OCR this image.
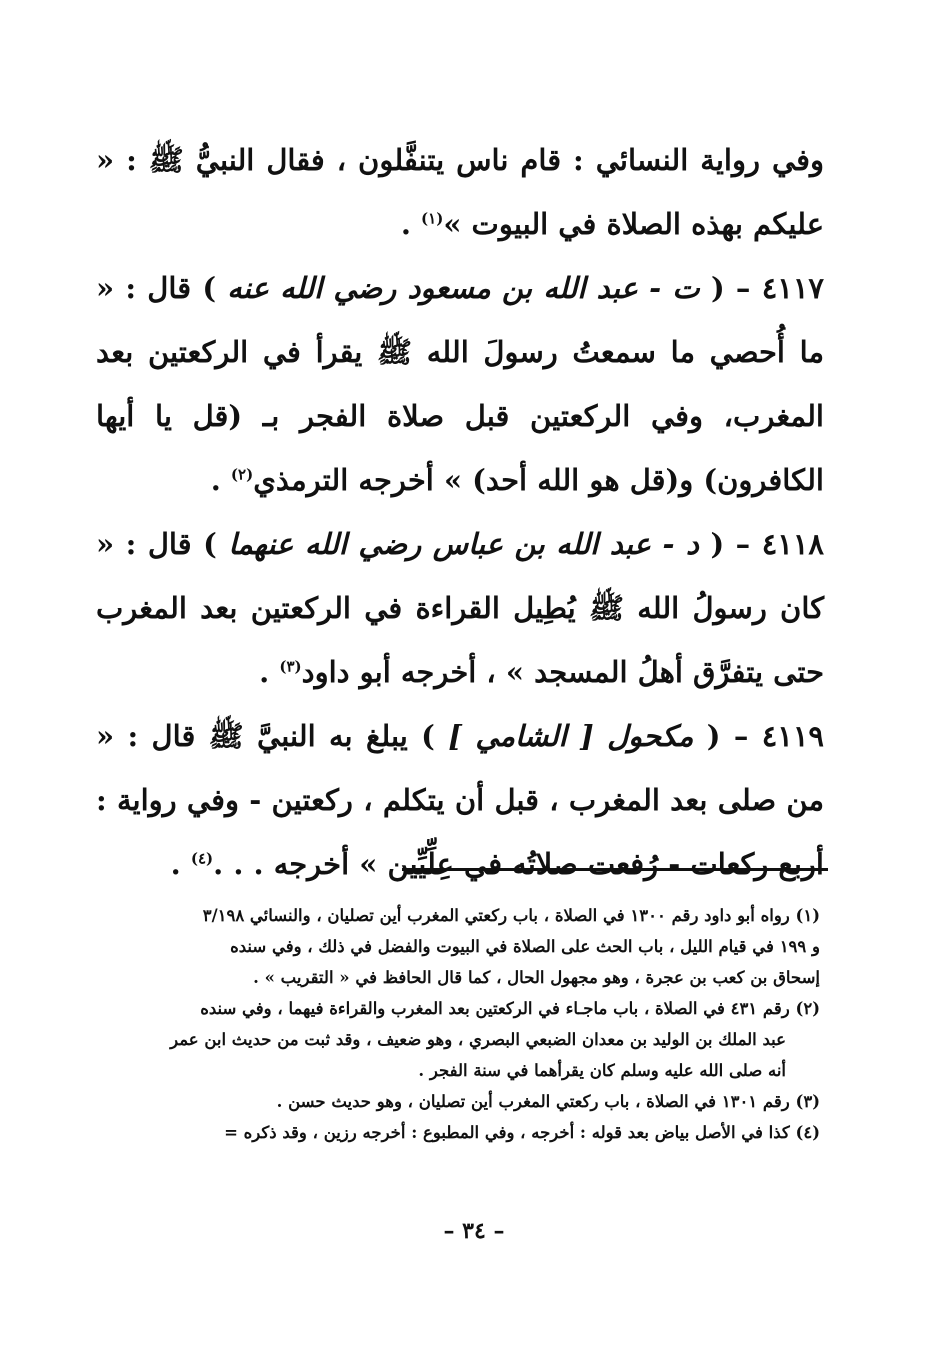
وفي رواية النسائي : قام ناس يتنفَّلون ، فقال النبيُّ ﷺ : « عليكم بهذه الصلاة في البيوت »$^{(١)}$ .

٤١١٧ – ( ت - عبد الله بن مسعود رضي الله عنه ) قال : « ما أُحصي ما سمعتُ رسولَ الله ﷺ يقرأ في الركعتين بعد المغرب، وفي الركعتين قبل صلاة الفجر بـ (قل يا أيها الكافرون) و(قل هو الله أحد) » أخرجه الترمذي$^{(٢)}$ .

٤١١٨ – ( د - عبد الله بن عباس رضي الله عنهما ) قال : « كان رسولُ الله ﷺ يُطِيل القراءة في الركعتين بعد المغرب حتى يتفرَّق أهلُ المسجد » ، أخرجه أبو داود$^{(٣)}$ .

٤١١٩ – ( مكحول [ الشامي ] ) يبلغ به النبيَّ ﷺ قال : « من صلى بعد المغرب ، قبل أن يتكلم ، ركعتين - وفي رواية : أربع ركعات - رُفعت صلاتُه في عِلِّيِّين » أخرجه . . .$^{(٤)}$ .

(١) رواه أبو داود رقم ١٣٠٠ في الصلاة ، باب ركعتي المغرب أين تصليان ، والنسائي ٣/١٩٨

و ١٩٩ في قيام الليل ، باب الحث على الصلاة في البيوت والفضل في ذلك ، وفي سنده

إسحاق بن كعب بن عجرة ، وهو مجهول الحال ، كما قال الحافظ في « التقريب » .

(٢) رقم ٤٣١ في الصلاة ، باب ماجـاء في الركعتين بعد المغرب والقراءة فيهما ، وفي سنده

عبد الملك بن الوليد بن معدان الضبعي البصري ، وهو ضعيف ، وقد ثبت من حديث ابن عمر

أنه صلى الله عليه وسلم كان يقرأهما في سنة الفجر .

(٣) رقم ١٣٠١ في الصلاة ، باب ركعتي المغرب أين تصليان ، وهو حديث حسن .

(٤) كذا في الأصل بياض بعد قوله : أخرجه ، وفي المطبوع : أخرجه رزين ، وقد ذكره =

– ٣٤ –
